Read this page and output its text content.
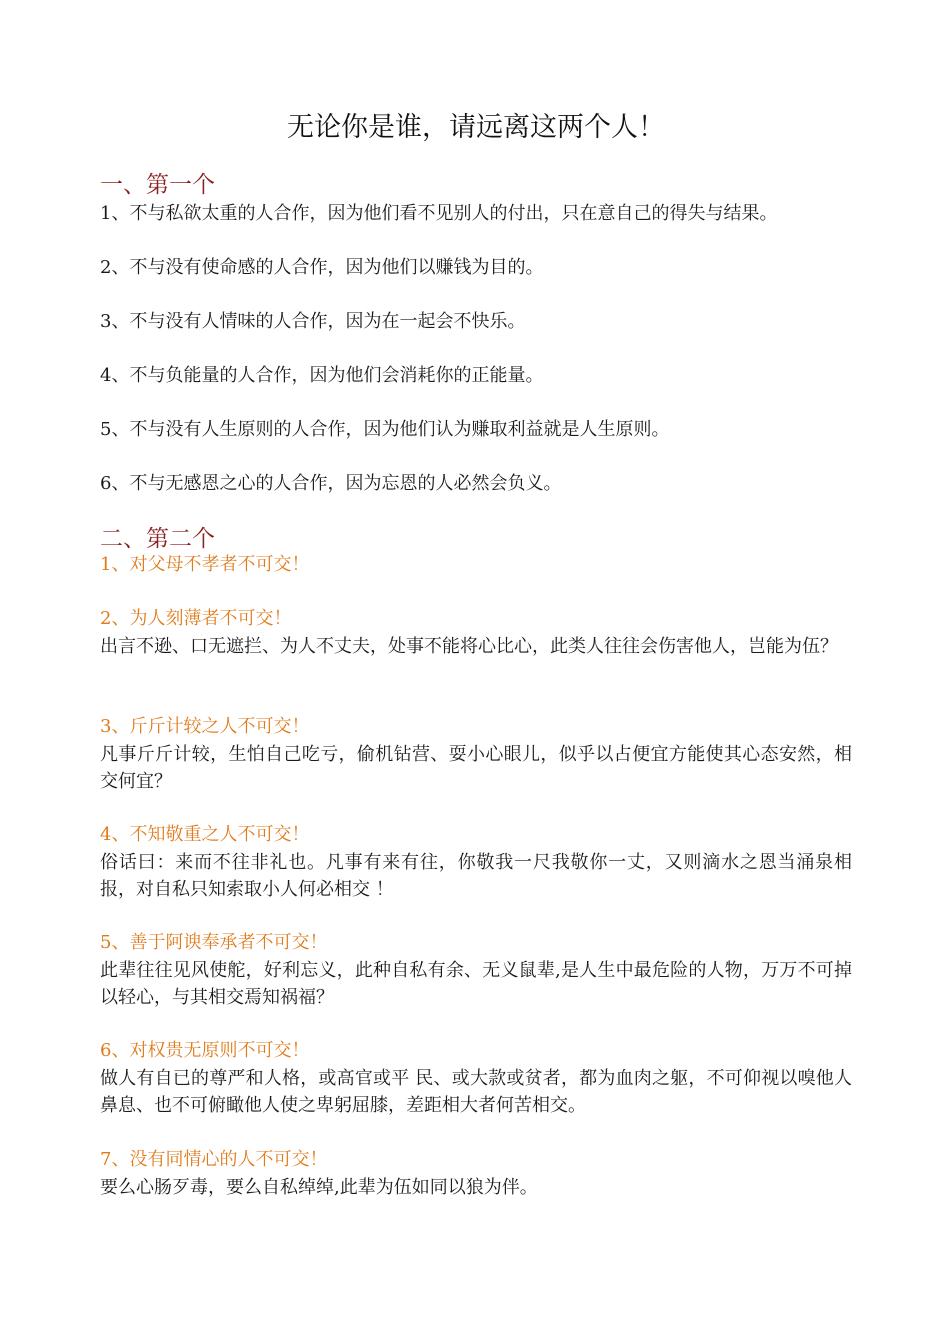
无论你是谁，请远离这两个人！
一、第一个
1、不与私欲太重的人合作，因为他们看不见别人的付出，只在意自己的得失与结果。
2、不与没有使命感的人合作，因为他们以赚钱为目的。
3、不与没有人情味的人合作，因为在一起会不快乐。
4、不与负能量的人合作，因为他们会消耗你的正能量。
5、不与没有人生原则的人合作，因为他们认为赚取利益就是人生原则。
6、不与无感恩之心的人合作，因为忘恩的人必然会负义。
二、第二个
1、对父母不孝者不可交！
2、为人刻薄者不可交！
出言不逊、口无遮拦、为人不丈夫，处事不能将心比心，此类人往往会伤害他人，岂能为伍？
3、斤斤计较之人不可交！
凡事斤斤计较，生怕自己吃亏，偷机钻营、耍小心眼儿，似乎以占便宜方能使其心态安然，相交何宜？
4、不知敬重之人不可交！
俗话曰：来而不往非礼也。凡事有来有往，你敬我一尺我敬你一丈，又则滴水之恩当涌泉相报，对自私只知索取小人何必相交 ！
5、善于阿谀奉承者不可交！
此辈往往见风使舵，好利忘义，此种自私有余、无义鼠辈,是人生中最危险的人物，万万不可掉以轻心，与其相交焉知祸福？
6、对权贵无原则不可交！
做人有自已的尊严和人格，或高官或平 民、或大款或贫者，都为血肉之躯，不可仰视以嗅他人鼻息、也不可俯瞰他人使之卑躬屈膝，差距相大者何苦相交。
7、没有同情心的人不可交！
要么心肠歹毒，要么自私绰绰,此辈为伍如同以狼为伴。
